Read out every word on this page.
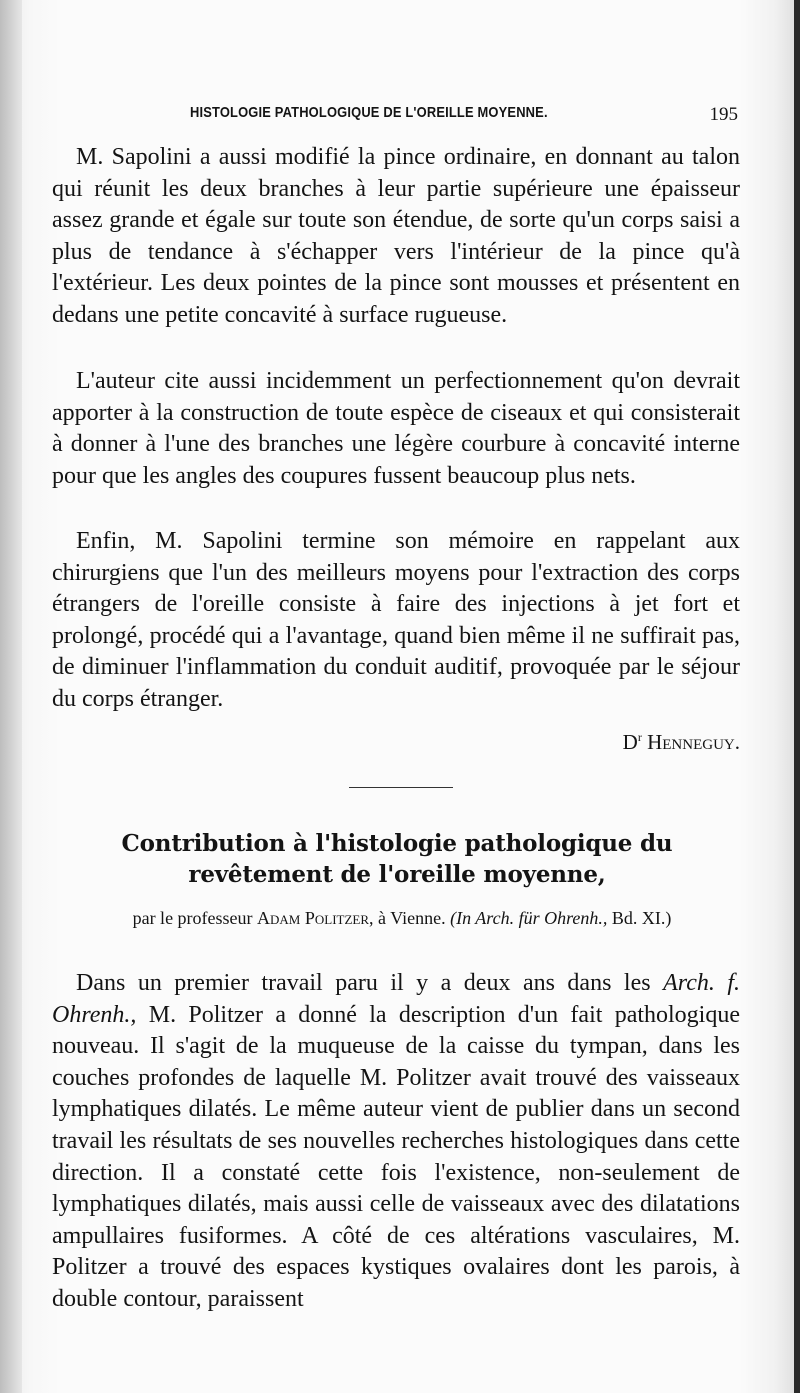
HISTOLOGIE PATHOLOGIQUE DE L'OREILLE MOYENNE.	195

M. Sapolini a aussi modifié la pince ordinaire, en donnant au talon qui réunit les deux branches à leur partie supérieure une épaisseur assez grande et égale sur toute son étendue, de sorte qu'un corps saisi a plus de tendance à s'échapper vers l'intérieur de la pince qu'à l'extérieur. Les deux pointes de la pince sont mousses et présentent en dedans une petite concavité à surface rugueuse.

L'auteur cite aussi incidemment un perfectionnement qu'on devrait apporter à la construction de toute espèce de ciseaux et qui consisterait à donner à l'une des branches une légère courbure à concavité interne pour que les angles des coupures fussent beaucoup plus nets.

Enfin, M. Sapolini termine son mémoire en rappelant aux chirurgiens que l'un des meilleurs moyens pour l'extraction des corps étrangers de l'oreille consiste à faire des injections à jet fort et prolongé, procédé qui a l'avantage, quand bien même il ne suffirait pas, de diminuer l'inflammation du conduit auditif, provoquée par le séjour du corps étranger.

$D^r$ Henneguy.
Contribution à l'histologie pathologique du revêtement de l'oreille moyenne,
par le professeur Adam Politzer, à Vienne. (In Arch. für Ohrenh., Bd. XI.)

Dans un premier travail paru il y a deux ans dans les Arch. f. Ohrenh., M. Politzer a donné la description d'un fait pathologique nouveau. Il s'agit de la muqueuse de la caisse du tympan, dans les couches profondes de laquelle M. Politzer avait trouvé des vaisseaux lymphatiques dilatés. Le même auteur vient de publier dans un second travail les résultats de ses nouvelles recherches histologiques dans cette direction. Il a constaté cette fois l'existence, non-seulement de lymphatiques dilatés, mais aussi celle de vaisseaux avec des dilatations ampullaires fusiformes. A côté de ces altérations vasculaires, M. Politzer a trouvé des espaces kystiques ovalaires dont les parois, à double contour, paraissent
